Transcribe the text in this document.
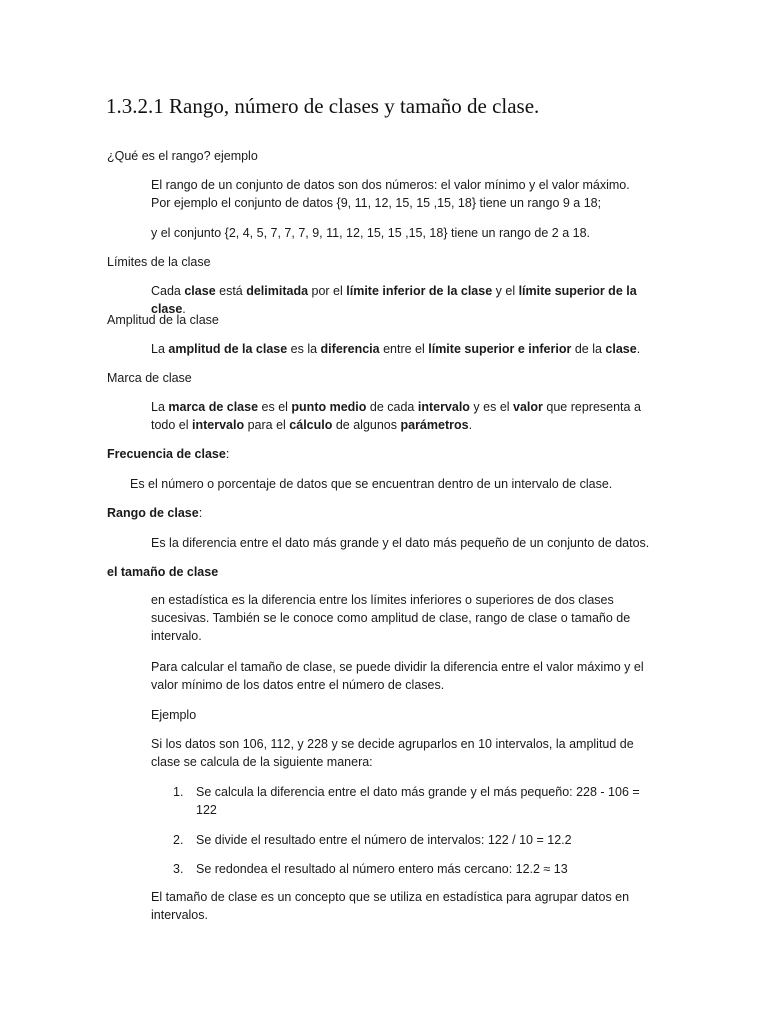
1.3.2.1 Rango, número de clases y tamaño de clase.

¿Qué es el rango? ejemplo

El rango de un conjunto de datos son dos números: el valor mínimo y el valor máximo. Por ejemplo el conjunto de datos {9, 11, 12, 15, 15 ,15, 18} tiene un rango 9 a 18;

y el conjunto {2, 4, 5, 7, 7, 7, 9, 11, 12, 15, 15 ,15, 18} tiene un rango de 2 a 18.

Límites de la clase

Cada clase está delimitada por el límite inferior de la clase y el límite superior de la clase.

Amplitud de la clase

La amplitud de la clase es la diferencia entre el límite superior e inferior de la clase.

Marca de clase

La marca de clase es el punto medio de cada intervalo y es el valor que representa a todo el intervalo para el cálculo de algunos parámetros.

Frecuencia de clase:

Es el número o porcentaje de datos que se encuentran dentro de un intervalo de clase.

Rango de clase:

Es la diferencia entre el dato más grande y el dato más pequeño de un conjunto de datos.

el tamaño de clase

en estadística es la diferencia entre los límites inferiores o superiores de dos clases sucesivas. También se le conoce como amplitud de clase, rango de clase o tamaño de intervalo.

Para calcular el tamaño de clase, se puede dividir la diferencia entre el valor máximo y el valor mínimo de los datos entre el número de clases.

Ejemplo

Si los datos son 106, 112, y 228 y se decide agruparlos en 10 intervalos, la amplitud de clase se calcula de la siguiente manera:

1. Se calcula la diferencia entre el dato más grande y el más pequeño: 228 - 106 = 122
2. Se divide el resultado entre el número de intervalos: 122 / 10 = 12.2
3. Se redondea el resultado al número entero más cercano: 12.2 ≈ 13

El tamaño de clase es un concepto que se utiliza en estadística para agrupar datos en intervalos.
